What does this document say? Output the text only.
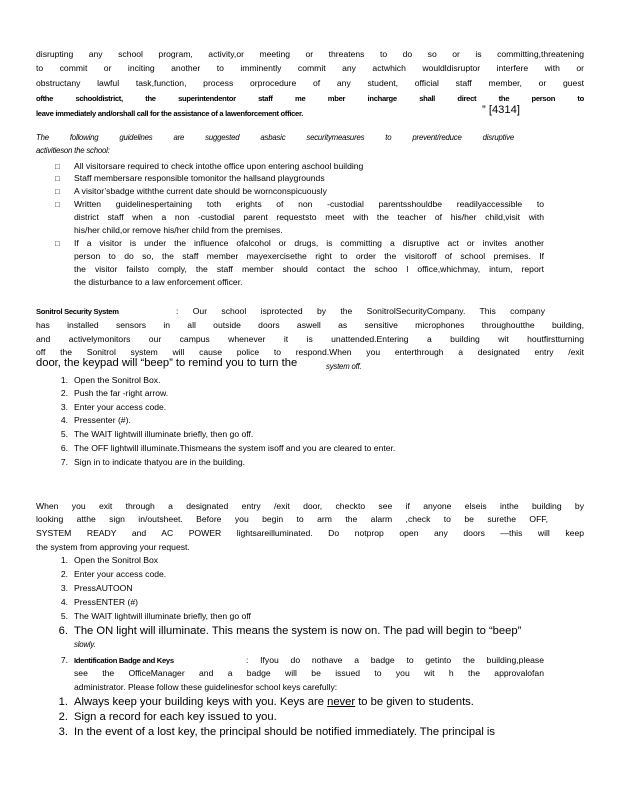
disrupting any school program, activity,or meeting or threatens to do so or is committing,threatening
to commit or inciting another to imminently commit any actwhich wouldldisruptor interfere with or
obstructany lawful task,function, process orprocedure of any student, official staff member, or guest
ofthe schooldistrict, the superintendentor staff me mber incharge shall direct the person to
leave immediately and/orshall call for the assistance of a lawenforcement officer.	” [4314]
The following guidelines are suggested asbasic securitymeasures to prevent/reduce disruptive
activitieson the school:
□ All visitorsare required to check intothe office upon entering aschool building
□ Staff membersare responsible tomonitor the hallsand playgrounds
□ A visitor’sbadge withthe current date should be wornconspicuously
□ Written guidelinespertaining toth erights of non -custodial parentsshouldbe readilyaccessible to
district staff when a non -custodial parent requeststo meet with the teacher of his/her child,visit with
his/her child,or remove his/her child from the premises.
□ If a visitor is under the influence ofalcohol or drugs, is committing a disruptive act or invites another
person to do so, the staff member mayexercisethe right to order the visitoroff of school premises. If
the visitor failsto comply, the staff member should contact the schoo l office,whichmay, intum, report
the disturbance to a law enforcement officer.
Sonitrol Security System	: Our school isprotected by the SonitrolSecurityCompany. This company
has installed sensors in all outside doors aswell as sensitive microphones throughoutthe building,
and activelymonitors our campus whenever it is unattended.Entering a building wit houtfirstturning
off the Sonitrol system will cause police to respond.When you enterthrough a designated entry /exit
door, the keypad will “beep” to remind you to turn the	system off.
1. Open the Sonitrol Box.
2. Push the far -right arrow.
3. Enter your access code.
4. Pressenter (#).
5. The WAIT lightwill illuminate briefly, then go off.
6. The OFF lightwill illuminate.Thismeans the system isoff and you are cleared to enter.
7. Sign in to indicate thatyou are in the building.
When you exit through a designated entry /exit door, checkto see if anyone elseis inthe building by
looking atthe sign in/outsheet. Before you begin to arm the alarm ,check to be surethe OFF,
SYSTEM READY and AC POWER lightsareilluminated. Do notprop open any doors —this will keep
the system from approving your request.
1. Open the Sonitrol Box
2. Enter your access code.
3. PressAUTOON
4. PressENTER (#)
5. The WAIT lightwill illuminate briefly, then go off
6. The ON light will illuminate. This means the system is now on. The pad will begin to “beep”
slowly.
7. Identification Badge and Keys	: Ifyou do nothave a badge to getinto the building,please
see the OfficeManager and a badge will be issued to you wit h the approvalofan
administrator. Please follow these guidelinesfor school keys carefully:
1. Always keep your building keys with you. Keys are never to be given to students.
2. Sign a record for each key issued to you.
3. In the event of a lost key, the principal should be notified immediately. The principal is
